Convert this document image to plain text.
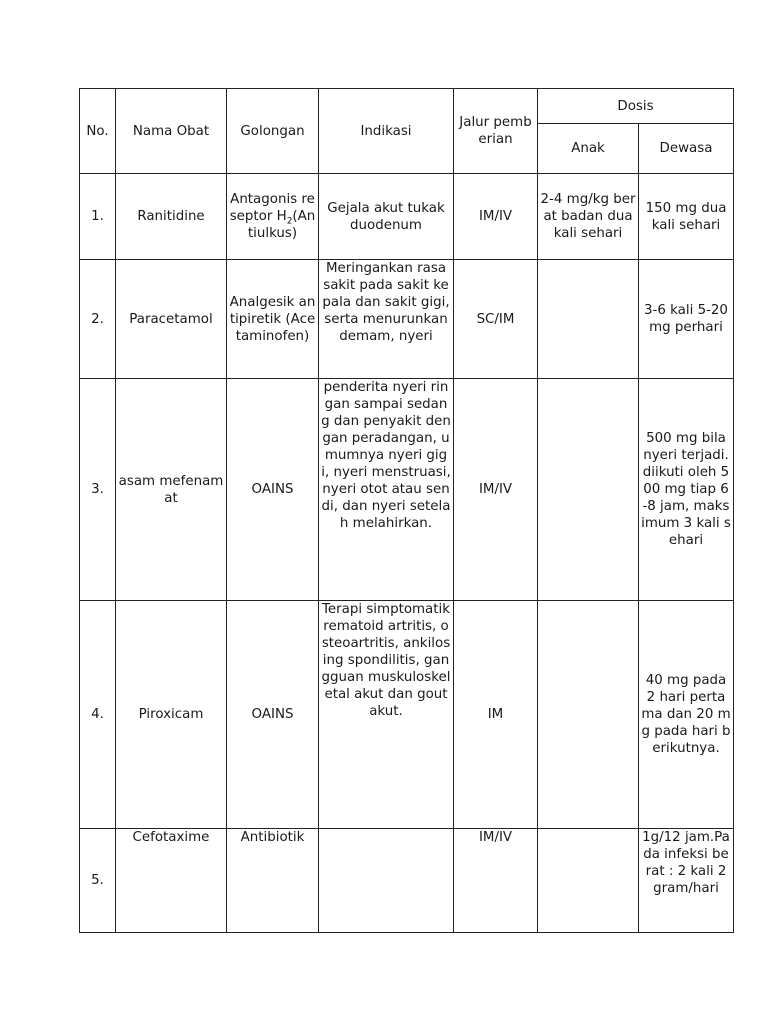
No.	Nama Obat	Golongan	Indikasi	Jalur pemberian	Dosis	
					Anak	Dewasa
1.	Ranitidine	Antagonis reseptor $H_2(Antiulkus)$	Gejala akut tukak duodenum	IM/IV	2-4 mg/kg berat badan dua kali sehari	150 mg dua kali sehari
2.	Paracetamol	Analgesik antipiretik (Acetaminofen)	Meringankan rasa sakit pada sakit kepala dan sakit gigi, serta menurunkan demam, nyeri	SC/IM		3-6 kali 5-20 mg perhari
3.	asam mefenamat	OAINS	penderita nyeri ringan sampai sedang dan penyakit dengan peradangan, umumnya nyeri gigi, nyeri menstruasi, nyeri otot atau sendi, dan nyeri setelah melahirkan.	IM/IV		500 mg bila nyeri terjadi. diikuti oleh 500 mg tiap 6-8 jam, maksimum 3 kali sehari
4.	Piroxicam	OAINS	Terapi simptomatik rematoid artritis, osteoartritis, ankilosing spondilitis, gangguan muskuloskeletal akut dan gout akut.	IM		40 mg pada 2 hari pertama dan 20 mg pada hari berikutnya.
5.	Cefotaxime	Antibiotik		IM/IV		1g/12 jam.Pada infeksi berat : 2 kali 2 gram/hari
